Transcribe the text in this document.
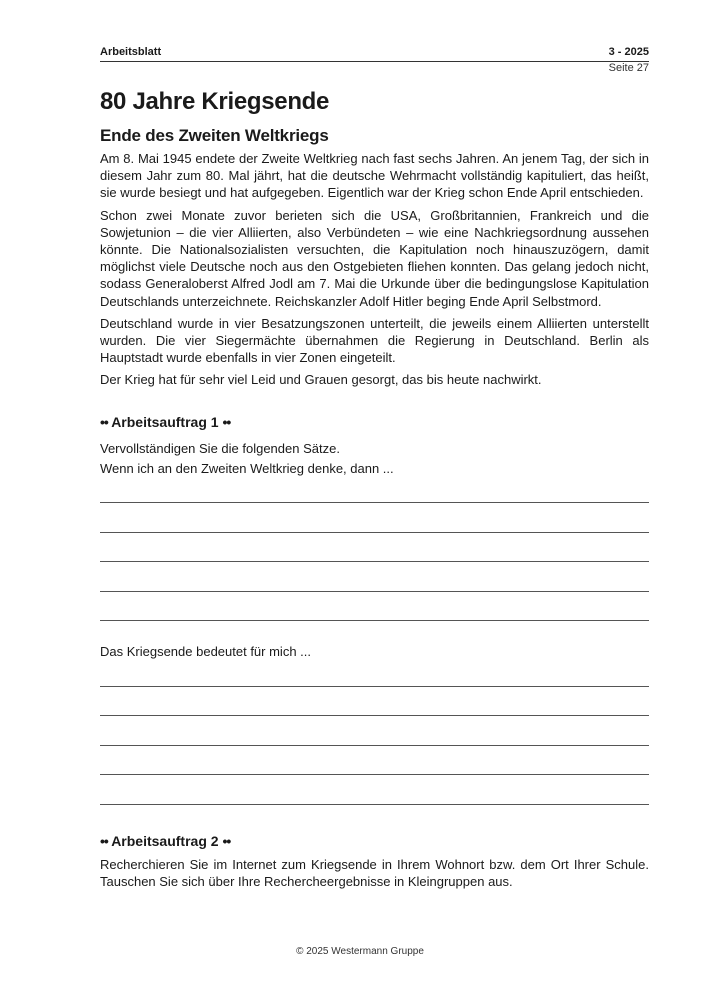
Arbeitsblatt	3 - 2025
Seite 27
80 Jahre Kriegsende
Ende des Zweiten Weltkriegs

Am 8. Mai 1945 endete der Zweite Weltkrieg nach fast sechs Jahren. An jenem Tag, der sich in diesem Jahr zum 80. Mal jährt, hat die deutsche Wehrmacht vollständig kapituliert, das heißt, sie wurde besiegt und hat aufgegeben. Eigentlich war der Krieg schon Ende April entschieden.

Schon zwei Monate zuvor berieten sich die USA, Großbritannien, Frankreich und die Sowjetunion – die vier Alliierten, also Verbündeten – wie eine Nachkriegsordnung aussehen könnte. Die Nationalsozialisten versuchten, die Kapitulation noch hinauszuzögern, damit möglichst viele Deutsche noch aus den Ostgebieten fliehen konnten. Das gelang jedoch nicht, sodass Generaloberst Alfred Jodl am 7. Mai die Urkunde über die bedingungslose Kapitulation Deutschlands unterzeichnete. Reichskanzler Adolf Hitler beging Ende April Selbstmord.

Deutschland wurde in vier Besatzungszonen unterteilt, die jeweils einem Alliierten unterstellt wurden. Die vier Siegermächte übernahmen die Regierung in Deutschland. Berlin als Hauptstadt wurde ebenfalls in vier Zonen eingeteilt.

Der Krieg hat für sehr viel Leid und Grauen gesorgt, das bis heute nachwirkt.

•• Arbeitsauftrag 1 ••

Vervollständigen Sie die folgenden Sätze.

Wenn ich an den Zweiten Weltkrieg denke, dann ...

Das Kriegsende bedeutet für mich ...

•• Arbeitsauftrag 2 ••

Recherchieren Sie im Internet zum Kriegsende in Ihrem Wohnort bzw. dem Ort Ihrer Schule. Tauschen Sie sich über Ihre Rechercheergebnisse in Kleingruppen aus.

© 2025 Westermann Gruppe
